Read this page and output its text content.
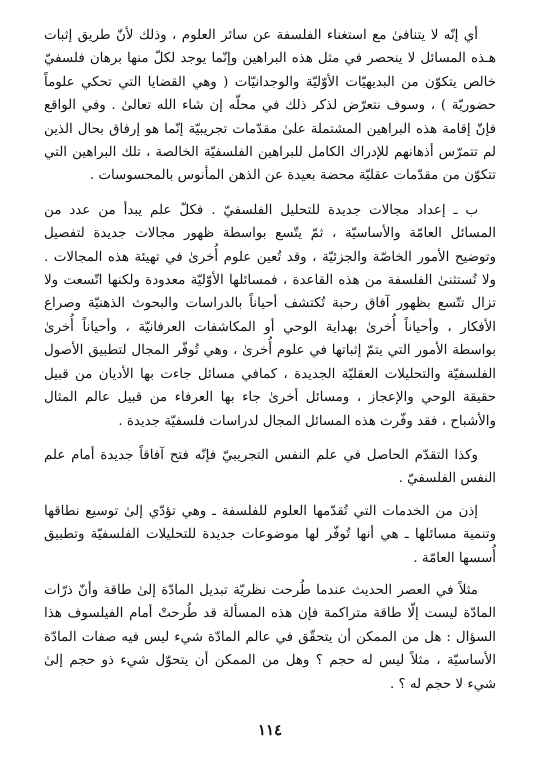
أي إنّه لا يتنافىٰ مع استغناء الفلسفة عن سائر العلوم ، وذلك لأنّ طريق إثبات هـذه المسائل لا ينحصر في مثل هذه البراهين وإنّما يوجد لكلّ منها برهان فلسفيّ خالص يتكوّن من البديهيّات الأوّليّة والوجدانيّات ( وهي القضايا التي تحكي علوماً حضوريّة ) ، وسوف نتعرّض لذكر ذلك في محلّه إن شاء الله تعالىٰ . وفي الواقع فإنّ إقامة هذه البراهين المشتملة علىٰ مقدّمات تجريبيّة إنّما هو إرفاق بحال الذين لم تتمرّس أذهانهم للإدراك الكامل للبراهين الفلسفيّة الخالصة ، تلك البراهين التي تتكوّن من مقدّمات عقليّة محضة بعيدة عن الذهن المأنوس بالمحسوسات .

ب ـ إعداد مجالات جديدة للتحليل الفلسفيّ . فكلّ علم يبدأ من عدد من المسائل العامّة والأساسيّة ، ثمّ يتّسع بواسطة ظهور مجالات جديدة لتفصيل وتوضيح الأمور الخاصّة والجزئيّة ، وقد تُعين علوم أُخرىٰ في تهيئة هذه المجالات . ولا تُستثنىٰ الفلسفة من هذه القاعدة ، فمسائلها الأوّليّة معدودة ولكنها اتّسعت ولا تزال تتّسع بظهور آفاق رحبة تُكتشف أحياناً بالدراسات والبحوث الذهنيّة وصراع الأفكار ، وأحياناً أُخرىٰ بهداية الوحي أو المكاشفات العرفانيّة ، وأحياناً أُخرىٰ بواسطة الأمور التي يتمّ إثباتها في علوم أُخرىٰ ، وهي تُوفّر المجال لتطبيق الأصول الفلسفيّة والتحليلات العقليّة الجديدة ، كمافي مسائل جاءت بها الأديان من قبيل حقيقة الوحي والإعجاز ، ومسائل أخرىٰ جاء بها العرفاء من قبيل عالم المثال والأشباح ، فقد وفّرت هذه المسائل المجال لدراسات فلسفيّة جديدة .

وكذا التقدّم الحاصل في علم النفس التجريبيّ فإنّه فتح آفاقاً جديدة أمام علم النفس الفلسفيّ .

إذن من الخدمات التي تُقدّمها العلوم للفلسفة ـ وهي تؤدّي إلىٰ توسيع نطاقها وتنمية مسائلها ـ هي أنها تُوفّر لها موضوعات جديدة للتحليلات الفلسفيّة وتطبيق أُسسها العامّة .

مثلاً في العصر الحديث عندما طُرحت نظريّة تبديل المادّة إلىٰ طاقة وأنّ ذرّات المادّة ليست إلّا طاقة متراكمة فإن هذه المسألة قد طُرحتْ أمام الفيلسوف هذا السؤال : هل من الممكن أن يتحقّق في عالم المادّة شيء ليس فيه صفات المادّة الأساسيّة ، مثلاً ليس له حجم ؟ وهل من الممكن أن يتحوّل شيء ذو حجم إلىٰ شيء لا حجم له ؟ .

١١٤
